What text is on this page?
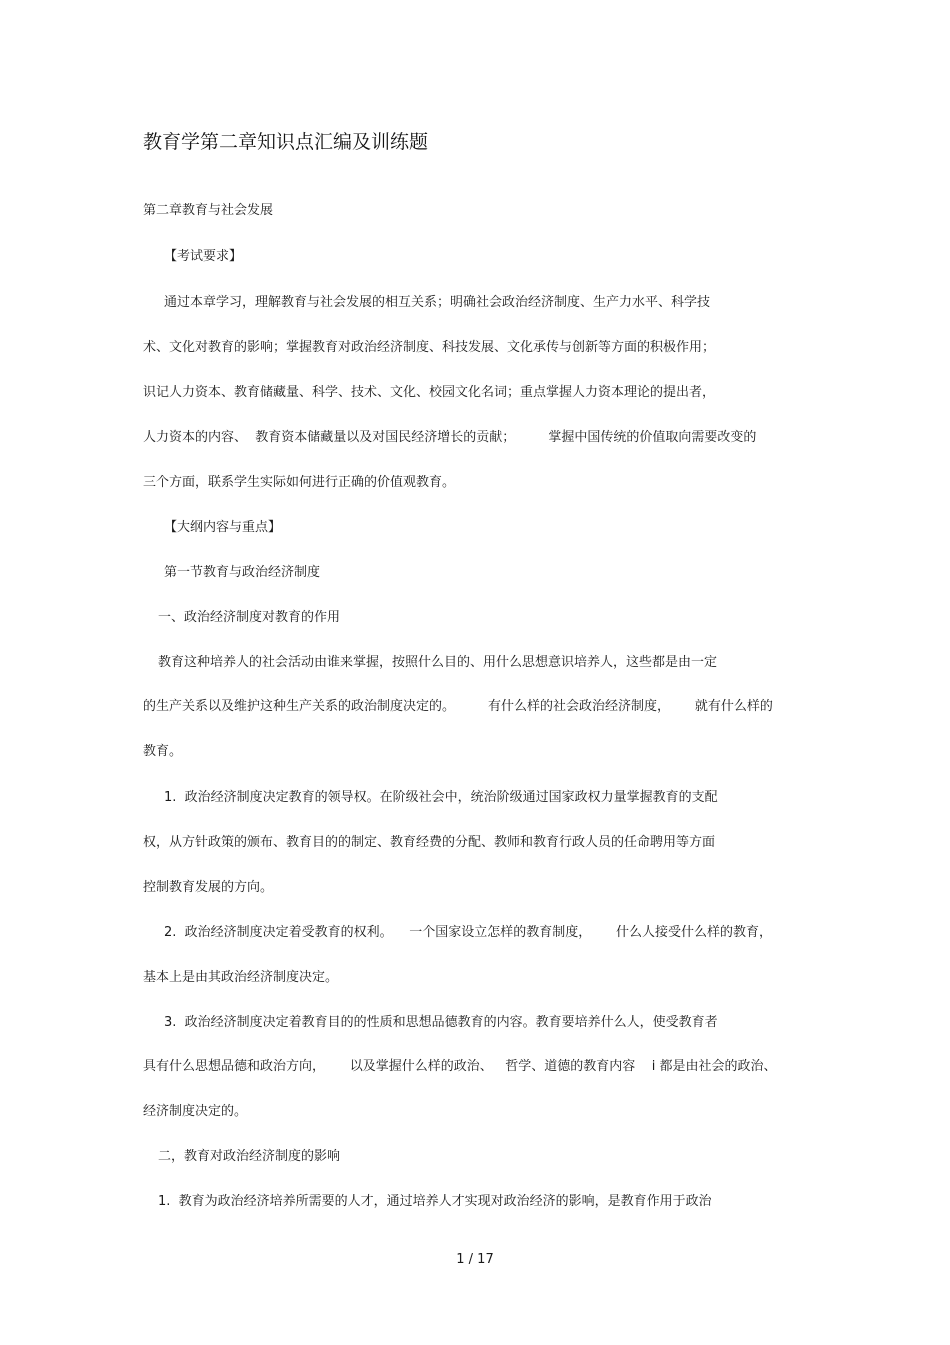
教育学第二章知识点汇编及训练题
第二章教育与社会发展
【考试要求】
通过本章学习，理解教育与社会发展的相互关系；明确社会政治经济制度、生产力水平、科学技
术、文化对教育的影响；掌握教育对政治经济制度、科技发展、文化承传与创新等方面的积极作用；
识记人力资本、教育储藏量、科学、技术、文化、校园文化名词；重点掌握人力资本理论的提出者，
人力资本的内容、  教育资本储藏量以及对国民经济增长的贡献；        掌握中国传统的价值取向需要改变的
三个方面，联系学生实际如何进行正确的价值观教育。
【大纲内容与重点】
第一节教育与政治经济制度
一、政治经济制度对教育的作用
教育这种培养人的社会活动由谁来掌握，按照什么目的、用什么思想意识培养人，这些都是由一定
的生产关系以及维护这种生产关系的政治制度决定的。        有什么样的社会政治经济制度，      就有什么样的
教育。
1.  政治经济制度决定教育的领导权。在阶级社会中，统治阶级通过国家政权力量掌握教育的支配
权，从方针政策的颁布、教育目的的制定、教育经费的分配、教师和教育行政人员的任命聘用等方面
控制教育发展的方向。
2.  政治经济制度决定着受教育的权利。    一个国家设立怎样的教育制度，      什么人接受什么样的教育，
基本上是由其政治经济制度决定。
3.  政治经济制度决定着教育目的的性质和思想品德教育的内容。教育要培养什么人，使受教育者
具有什么思想品德和政治方向，      以及掌握什么样的政治、   哲学、道德的教育内容    i 都是由社会的政治、
经济制度决定的。
二，教育对政治经济制度的影响
1.  教育为政治经济培养所需要的人才，通过培养人才实现对政治经济的影响，是教育作用于政治
1 / 17
